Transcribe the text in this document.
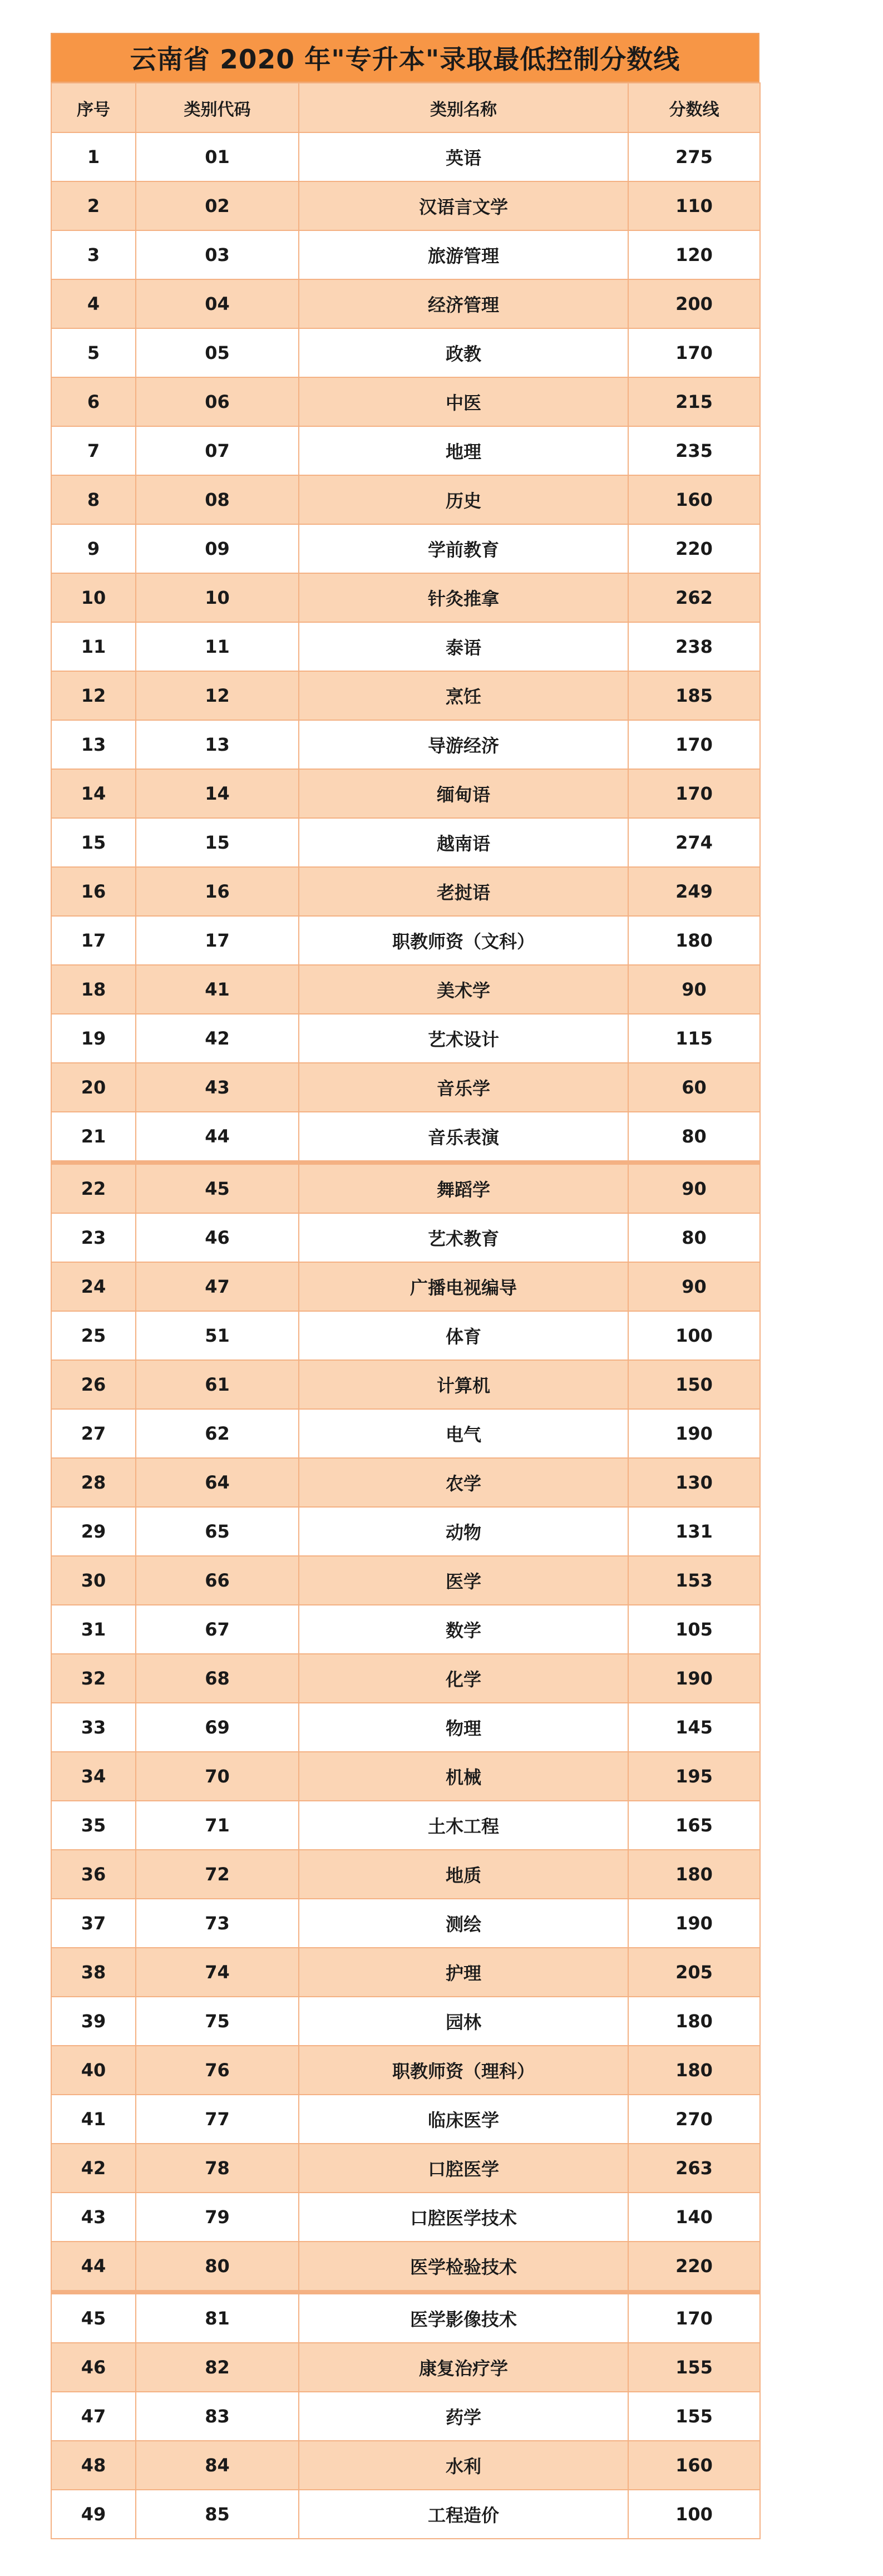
云南省 2020 年"专升本"录取最低控制分数线
序号	类别代码	类别名称	分数线
1	01	英语	275
2	02	汉语言文学	110
3	03	旅游管理	120
4	04	经济管理	200
5	05	政教	170
6	06	中医	215
7	07	地理	235
8	08	历史	160
9	09	学前教育	220
10	10	针灸推拿	262
11	11	泰语	238
12	12	烹饪	185
13	13	导游经济	170
14	14	缅甸语	170
15	15	越南语	274
16	16	老挝语	249
17	17	职教师资（文科）	180
18	41	美术学	90
19	42	艺术设计	115
20	43	音乐学	60
21	44	音乐表演	80
22	45	舞蹈学	90
23	46	艺术教育	80
24	47	广播电视编导	90
25	51	体育	100
26	61	计算机	150
27	62	电气	190
28	64	农学	130
29	65	动物	131
30	66	医学	153
31	67	数学	105
32	68	化学	190
33	69	物理	145
34	70	机械	195
35	71	土木工程	165
36	72	地质	180
37	73	测绘	190
38	74	护理	205
39	75	园林	180
40	76	职教师资（理科）	180
41	77	临床医学	270
42	78	口腔医学	263
43	79	口腔医学技术	140
44	80	医学检验技术	220
45	81	医学影像技术	170
46	82	康复治疗学	155
47	83	药学	155
48	84	水利	160
49	85	工程造价	100
